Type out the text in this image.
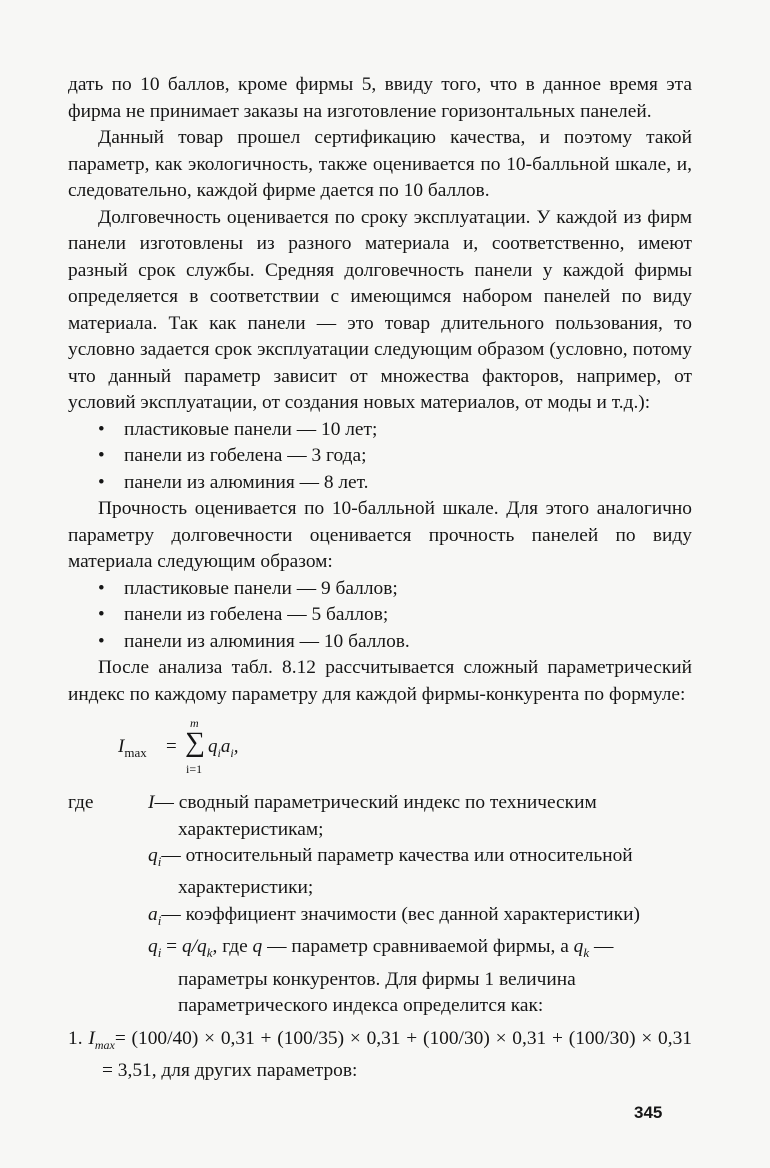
дать по 10 баллов, кроме фирмы 5, ввиду того, что в данное время эта фирма не принимает заказы на изготовление горизонтальных панелей.

Данный товар прошел сертификацию качества, и поэтому такой параметр, как экологичность, также оценивается по 10-балльной шкале, и, следовательно, каждой фирме дается по 10 баллов.

Долговечность оценивается по сроку эксплуатации. У каждой из фирм панели изготовлены из разного материала и, соответственно, имеют разный срок службы. Средняя долговечность панели у каждой фирмы определяется в соответствии с имеющимся набором панелей по виду материала. Так как панели — это товар длительного пользования, то условно задается срок эксплуатации следующим образом (условно, потому что данный параметр зависит от множества факторов, например, от условий эксплуатации, от создания новых материалов, от моды и т.д.):

• пластиковые панели — 10 лет;
• панели из гобелена — 3 года;
• панели из алюминия — 8 лет.

Прочность оценивается по 10-балльной шкале. Для этого аналогично параметру долговечности оценивается прочность панелей по виду материала следующим образом:

• пластиковые панели — 9 баллов;
• панели из гобелена — 5 баллов;
• панели из алюминия — 10 баллов.

После анализа табл. 8.12 рассчитывается сложный параметрический индекс по каждому параметру для каждой фирмы-конкурента по формуле:

$I_{max}$ =
m
∑
i=1
$q_ia_i$,
где	I— сводный параметрический индекс по техническим характеристикам;
$q_i—$ относительный параметр качества или относительной характеристики;
$a_i—$ коэффициент значимости (вес данной характеристики)
$q_i = q/q_k$, где q — параметр сравниваемой фирмы, а $q_k$ — параметры конкурентов. Для фирмы 1 величина параметрического индекса определится как:

1. $I_{max}= (100/40) \times 0,31 + (100/35) \times 0,31 + (100/30) \times 0,31 + (100/30) \times 0,31 = 3,51$, для других параметров:

345
